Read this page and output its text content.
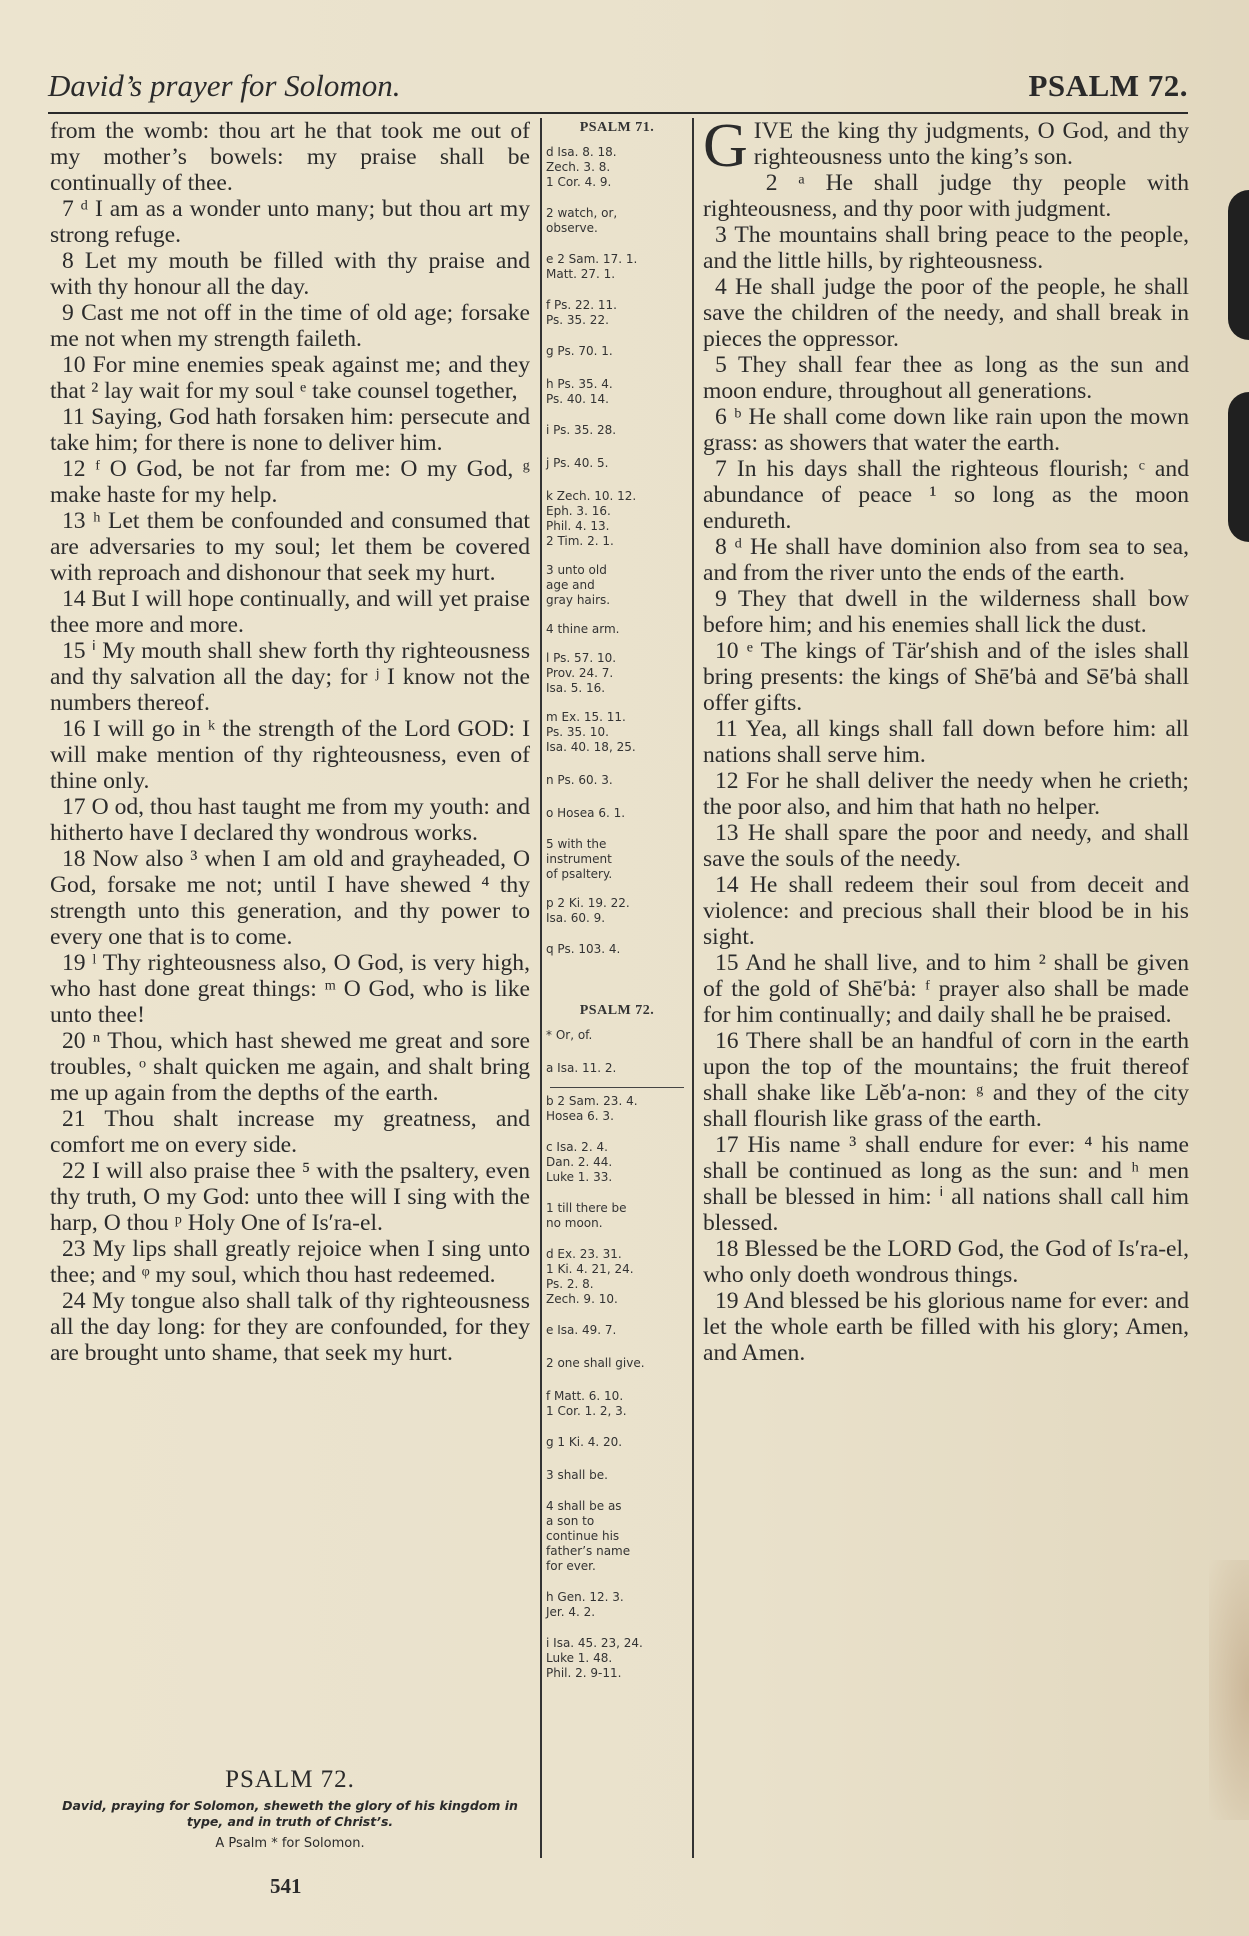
David’s prayer for Solomon.	PSALM 72.

from the womb: thou art he that took me out of my mother’s bowels: my praise shall be continually of thee.

7 ᵈ I am as a wonder unto many; but thou art my strong refuge.

8 Let my mouth be filled with thy praise and with thy honour all the day.

9 Cast me not off in the time of old age; forsake me not when my strength faileth.

10 For mine enemies speak against me; and they that ² lay wait for my soul ᵉ take counsel together,

11 Saying, God hath forsaken him: persecute and take him; for there is none to deliver him.

12 ᶠ O God, be not far from me: O my God, ᵍ make haste for my help.

13 ʰ Let them be confounded and consumed that are adversaries to my soul; let them be covered with reproach and dishonour that seek my hurt.

14 But I will hope continually, and will yet praise thee more and more.

15 ⁱ My mouth shall shew forth thy righteousness and thy salvation all the day; for ʲ I know not the numbers thereof.

16 I will go in ᵏ the strength of the Lord GOD: I will make mention of thy righteousness, even of thine only.

17 O od, thou hast taught me from my youth: and hitherto have I declared thy wondrous works.

18 Now also ³ when I am old and grayheaded, O God, forsake me not; until I have shewed ⁴ thy strength unto this generation, and thy power to every one that is to come.

19 ˡ Thy righteousness also, O God, is very high, who hast done great things: ᵐ O God, who is like unto thee!

20 ⁿ Thou, which hast shewed me great and sore troubles, ᵒ shalt quicken me again, and shalt bring me up again from the depths of the earth.

21 Thou shalt increase my greatness, and comfort me on every side.

22 I will also praise thee ⁵ with the psaltery, even thy truth, O my God: unto thee will I sing with the harp, O thou ᵖ Holy One of Is′ra-el.

23 My lips shall greatly rejoice when I sing unto thee; and ᵠ my soul, which thou hast redeemed.

24 My tongue also shall talk of thy righteousness all the day long: for they are confounded, for they are brought unto shame, that seek my hurt.

PSALM 72.
David, praying for Solomon, sheweth the glory of his kingdom in type, and in truth of Christ’s.
A Psalm * for Solomon.
541
PSALM 71.
d Isa. 8. 18.
Zech. 3. 8.
1 Cor. 4. 9.
2 watch, or,
observe.
e 2 Sam. 17. 1.
Matt. 27. 1.
f Ps. 22. 11.
Ps. 35. 22.
g Ps. 70. 1.
h Ps. 35. 4.
Ps. 40. 14.
i Ps. 35. 28.
j Ps. 40. 5.
k Zech. 10. 12.
Eph. 3. 16.
Phil. 4. 13.
2 Tim. 2. 1.
3 unto old
age and
gray hairs.
4 thine arm.
l Ps. 57. 10.
Prov. 24. 7.
Isa. 5. 16.
m Ex. 15. 11.
Ps. 35. 10.
Isa. 40. 18, 25.
n Ps. 60. 3.
o Hosea 6. 1.
5 with the
instrument
of psaltery.
p 2 Ki. 19. 22.
Isa. 60. 9.
q Ps. 103. 4.
PSALM 72.
* Or, of.
a Isa. 11. 2.
b 2 Sam. 23. 4.
Hosea 6. 3.
c Isa. 2. 4.
Dan. 2. 44.
Luke 1. 33.
1 till there be
no moon.
d Ex. 23. 31.
1 Ki. 4. 21, 24.
Ps. 2. 8.
Zech. 9. 10.
e Isa. 49. 7.
2 one shall give.
f Matt. 6. 10.
1 Cor. 1. 2, 3.
g 1 Ki. 4. 20.
3 shall be.
4 shall be as
a son to
continue his
father’s name
for ever.
h Gen. 12. 3.
Jer. 4. 2.
i Isa. 45. 23, 24.
Luke 1. 48.
Phil. 2. 9-11.

GIVE the king thy judgments, O God, and thy righteousness unto the king’s son.

2 ᵃ He shall judge thy people with righteousness, and thy poor with judgment.

3 The mountains shall bring peace to the people, and the little hills, by righteousness.

4 He shall judge the poor of the people, he shall save the children of the needy, and shall break in pieces the oppressor.

5 They shall fear thee as long as the sun and moon endure, throughout all generations.

6 ᵇ He shall come down like rain upon the mown grass: as showers that water the earth.

7 In his days shall the righteous flourish; ᶜ and abundance of peace ¹ so long as the moon endureth.

8 ᵈ He shall have dominion also from sea to sea, and from the river unto the ends of the earth.

9 They that dwell in the wilderness shall bow before him; and his enemies shall lick the dust.

10 ᵉ The kings of Tär′shish and of the isles shall bring presents: the kings of Shē′bȧ and Sē′bȧ shall offer gifts.

11 Yea, all kings shall fall down before him: all nations shall serve him.

12 For he shall deliver the needy when he crieth; the poor also, and him that hath no helper.

13 He shall spare the poor and needy, and shall save the souls of the needy.

14 He shall redeem their soul from deceit and violence: and precious shall their blood be in his sight.

15 And he shall live, and to him ² shall be given of the gold of Shē′bȧ: ᶠ prayer also shall be made for him continually; and daily shall he be praised.

16 There shall be an handful of corn in the earth upon the top of the mountains; the fruit thereof shall shake like Lĕb′a-non: ᵍ and they of the city shall flourish like grass of the earth.

17 His name ³ shall endure for ever: ⁴ his name shall be continued as long as the sun: and ʰ men shall be blessed in him: ⁱ all nations shall call him blessed.

18 Blessed be the LORD God, the God of Is′ra-el, who only doeth wondrous things.

19 And blessed be his glorious name for ever: and let the whole earth be filled with his glory; Amen, and Amen.
